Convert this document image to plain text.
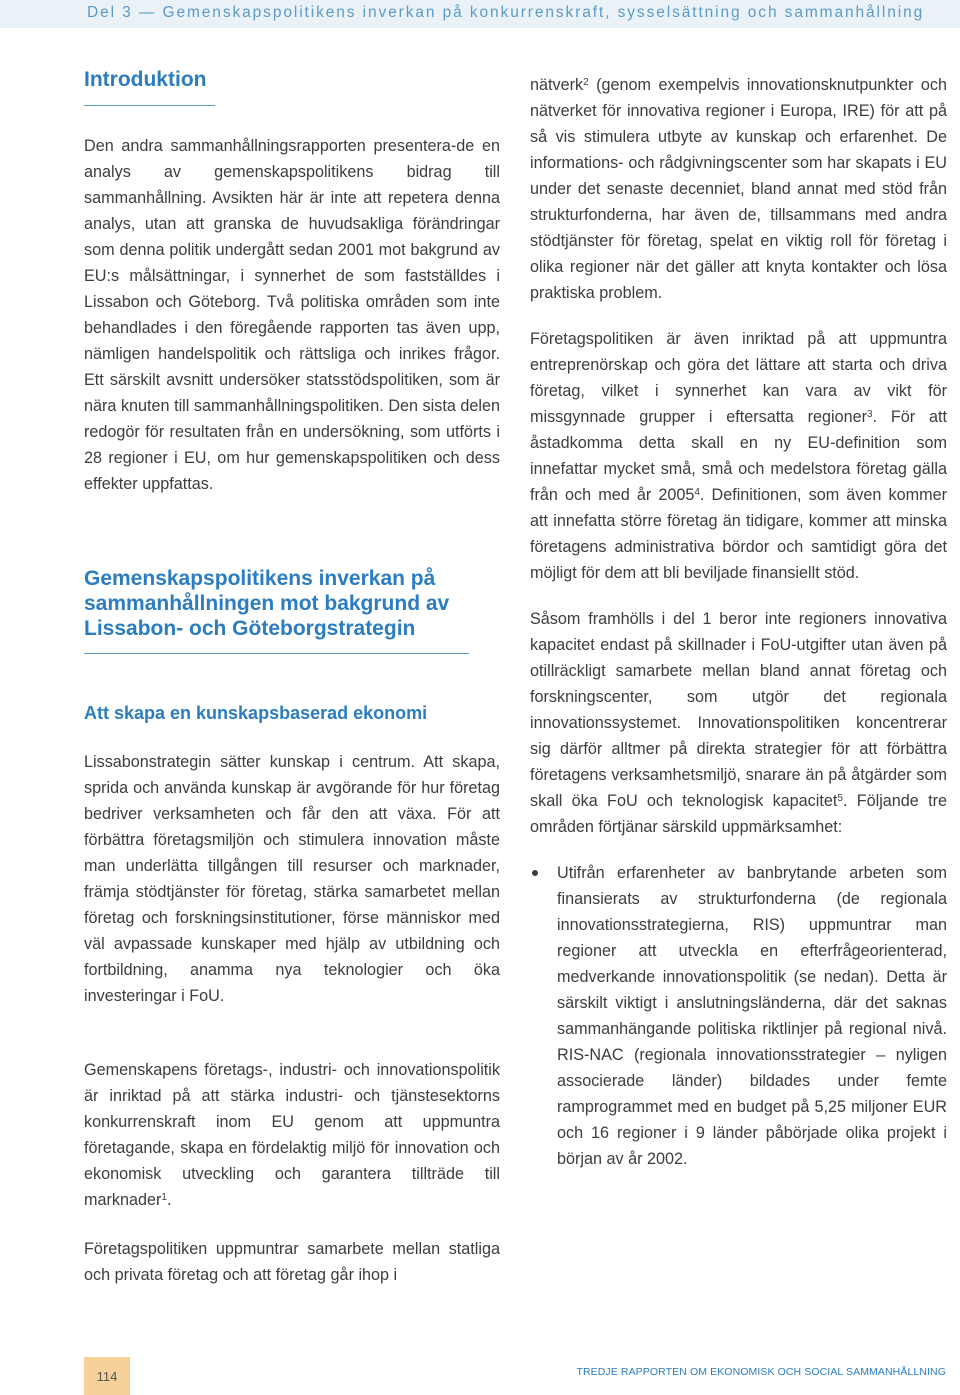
Del 3 — Gemenskapspolitikens inverkan på konkurrenskraft, sysselsättning och sammanhållning
Introduktion

Den andra sammanhållningsrapporten presentera-de en analys av gemenskapspolitikens bidrag till sammanhållning. Avsikten här är inte att repetera denna analys, utan att granska de huvudsakliga förändringar som denna politik undergått sedan 2001 mot bakgrund av EU:s målsättningar, i synnerhet de som fastställdes i Lissabon och Göteborg. Två politiska områden som inte behandlades i den föregående rapporten tas även upp, nämligen handelspolitik och rättsliga och inrikes frågor. Ett särskilt avsnitt undersöker statsstödspolitiken, som är nära knuten till sammanhållningspolitiken. Den sista delen redogör för resultaten från en undersökning, som utförts i 28 regioner i EU, om hur gemenskapspolitiken och dess effekter uppfattas.

Gemenskapspolitikens inverkan på sammanhållningen mot bakgrund av Lissabon- och Göteborgstrategin
Att skapa en kunskapsbaserad ekonomi

Lissabonstrategin sätter kunskap i centrum. Att skapa, sprida och använda kunskap är avgörande för hur företag bedriver verksamheten och får den att växa. För att förbättra företagsmiljön och stimulera innovation måste man underlätta tillgången till resurser och marknader, främja stödtjänster för företag, stärka samarbetet mellan företag och forskningsinstitutioner, förse människor med väl avpassade kunskaper med hjälp av utbildning och fortbildning, anamma nya teknologier och öka investeringar i FoU.

Gemenskapens företags-, industri- och innovationspolitik är inriktad på att stärka industri- och tjänstesektorns konkurrenskraft inom EU genom att uppmuntra företagande, skapa en fördelaktig miljö för innovation och ekonomisk utveckling och garantera tillträde till marknader$^1$.

Företagspolitiken uppmuntrar samarbete mellan statliga och privata företag och att företag går ihop i

nätverk$^2$ (genom exempelvis innovationsknutpunkter och nätverket för innovativa regioner i Europa, IRE) för att på så vis stimulera utbyte av kunskap och erfarenhet. De informations- och rådgivningscenter som har skapats i EU under det senaste decenniet, bland annat med stöd från strukturfonderna, har även de, tillsammans med andra stödtjänster för företag, spelat en viktig roll för företag i olika regioner när det gäller att knyta kontakter och lösa praktiska problem.

Företagspolitiken är även inriktad på att uppmuntra entreprenörskap och göra det lättare att starta och driva företag, vilket i synnerhet kan vara av vikt för missgynnade grupper i eftersatta regioner$^3$. För att åstadkomma detta skall en ny EU-definition som innefattar mycket små, små och medelstora företag gälla från och med år 2005$^4$. Definitionen, som även kommer att innefatta större företag än tidigare, kommer att minska företagens administrativa bördor och samtidigt göra det möjligt för dem att bli beviljade finansiellt stöd.

Såsom framhölls i del 1 beror inte regioners innovativa kapacitet endast på skillnader i FoU-utgifter utan även på otillräckligt samarbete mellan bland annat företag och forskningscenter, som utgör det regionala innovationssystemet. Innovationspolitiken koncentrerar sig därför alltmer på direkta strategier för att förbättra företagens verksamhetsmiljö, snarare än på åtgärder som skall öka FoU och teknologisk kapacitet$^5$. Följande tre områden förtjänar särskild uppmärksamhet:

Utifrån erfarenheter av banbrytande arbeten som finansierats av strukturfonderna (de regionala innovationsstrategierna, RIS) uppmuntrar man regioner att utveckla en efterfrågeorienterad, medverkande innovationspolitik (se nedan). Detta är särskilt viktigt i anslutningsländerna, där det saknas sammanhängande politiska riktlinjer på regional nivå. RIS-NAC (regionala innovationsstrategier – nyligen associerade länder) bildades under femte ramprogrammet med en budget på 5,25 miljoner EUR och 16 regioner i 9 länder påbörjade olika projekt i början av år 2002.
114	TREDJE RAPPORTEN OM EKONOMISK OCH SOCIAL SAMMANHÅLLNING
